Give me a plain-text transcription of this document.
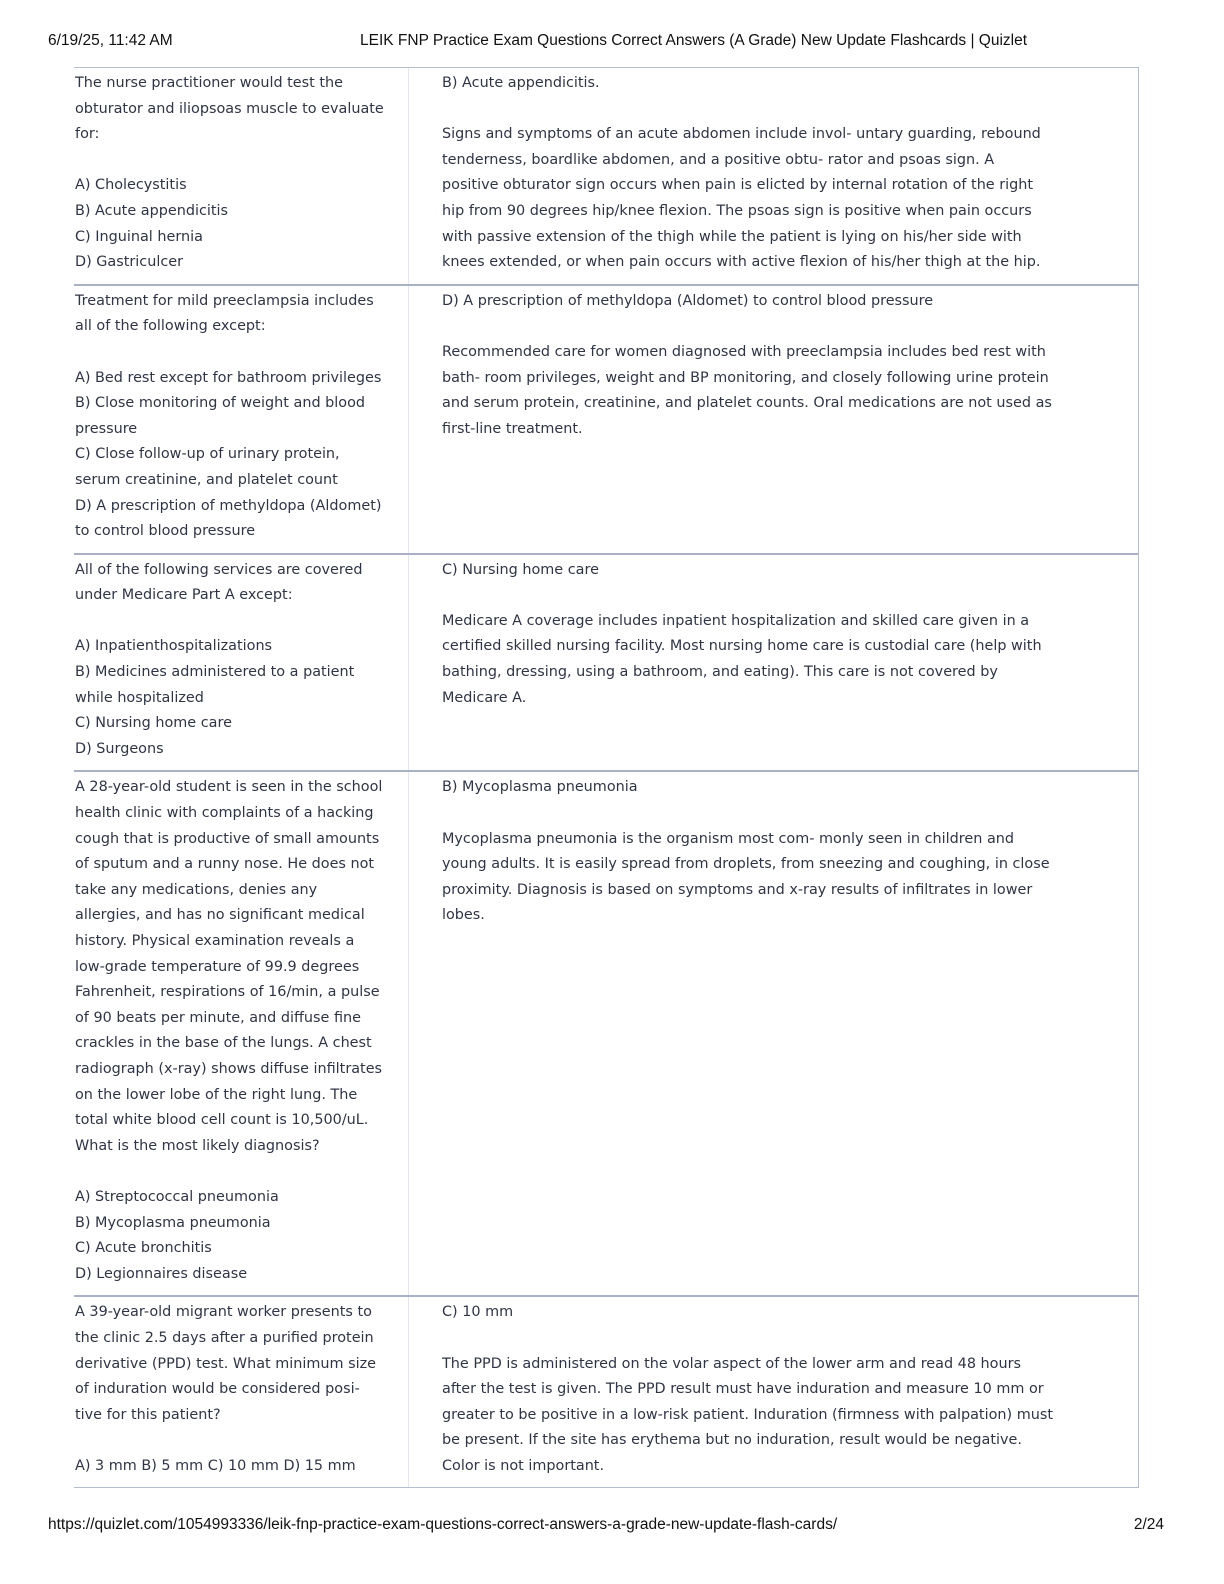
6/19/25, 11:42 AM	LEIK FNP Practice Exam Questions Correct Answers (A Grade) New Update Flashcards | Quizlet
The nurse practitioner would test the obturator and iliopsoas muscle to evaluate for:
A) Cholecystitis
B) Acute appendicitis
C) Inguinal hernia
D) Gastriculcer
B) Acute appendicitis.
Signs and symptoms of an acute abdomen include invol- untary guarding, rebound tenderness, boardlike abdomen, and a positive obtu- rator and psoas sign. A positive obturator sign occurs when pain is elicted by internal rotation of the right hip from 90 degrees hip/knee flexion. The psoas sign is positive when pain occurs with passive extension of the thigh while the patient is lying on his/her side with knees extended, or when pain occurs with active flexion of his/her thigh at the hip.
Treatment for mild preeclampsia includes all of the following except:
A) Bed rest except for bathroom privileges
B) Close monitoring of weight and blood pressure
C) Close follow-up of urinary protein, serum creatinine, and platelet count
D) A prescription of methyldopa (Aldomet) to control blood pressure
D) A prescription of methyldopa (Aldomet) to control blood pressure
Recommended care for women diagnosed with preeclampsia includes bed rest with bath- room privileges, weight and BP monitoring, and closely following urine protein and serum protein, creatinine, and platelet counts. Oral medications are not used as first-line treatment.
All of the following services are covered under Medicare Part A except:
A) Inpatienthospitalizations
B) Medicines administered to a patient while hospitalized
C) Nursing home care
D) Surgeons
C) Nursing home care
Medicare A coverage includes inpatient hospitalization and skilled care given in a certified skilled nursing facility. Most nursing home care is custodial care (help with bathing, dressing, using a bathroom, and eating). This care is not covered by Medicare A.
A 28-year-old student is seen in the school health clinic with complaints of a hacking cough that is productive of small amounts of sputum and a runny nose. He does not take any medications, denies any allergies, and has no significant medical history. Physical examination reveals a low-grade temperature of 99.9 degrees Fahrenheit, respirations of 16/min, a pulse of 90 beats per minute, and diffuse fine crackles in the base of the lungs. A chest radiograph (x-ray) shows diffuse infiltrates on the lower lobe of the right lung. The total white blood cell count is 10,500/uL. What is the most likely diagnosis?
A) Streptococcal pneumonia
B) Mycoplasma pneumonia
C) Acute bronchitis
D) Legionnaires disease
B) Mycoplasma pneumonia
Mycoplasma pneumonia is the organism most com- monly seen in children and young adults. It is easily spread from droplets, from sneezing and coughing, in close proximity. Diagnosis is based on symptoms and x-ray results of infiltrates in lower lobes.
A 39-year-old migrant worker presents to the clinic 2.5 days after a purified protein derivative (PPD) test. What minimum size of induration would be considered posi- tive for this patient?
A) 3 mm B) 5 mm C) 10 mm D) 15 mm
C) 10 mm
The PPD is administered on the volar aspect of the lower arm and read 48 hours after the test is given. The PPD result must have induration and measure 10 mm or greater to be positive in a low-risk patient. Induration (firmness with palpation) must be present. If the site has erythema but no induration, result would be negative. Color is not important.
https://quizlet.com/1054993336/leik-fnp-practice-exam-questions-correct-answers-a-grade-new-update-flash-cards/	2/24
